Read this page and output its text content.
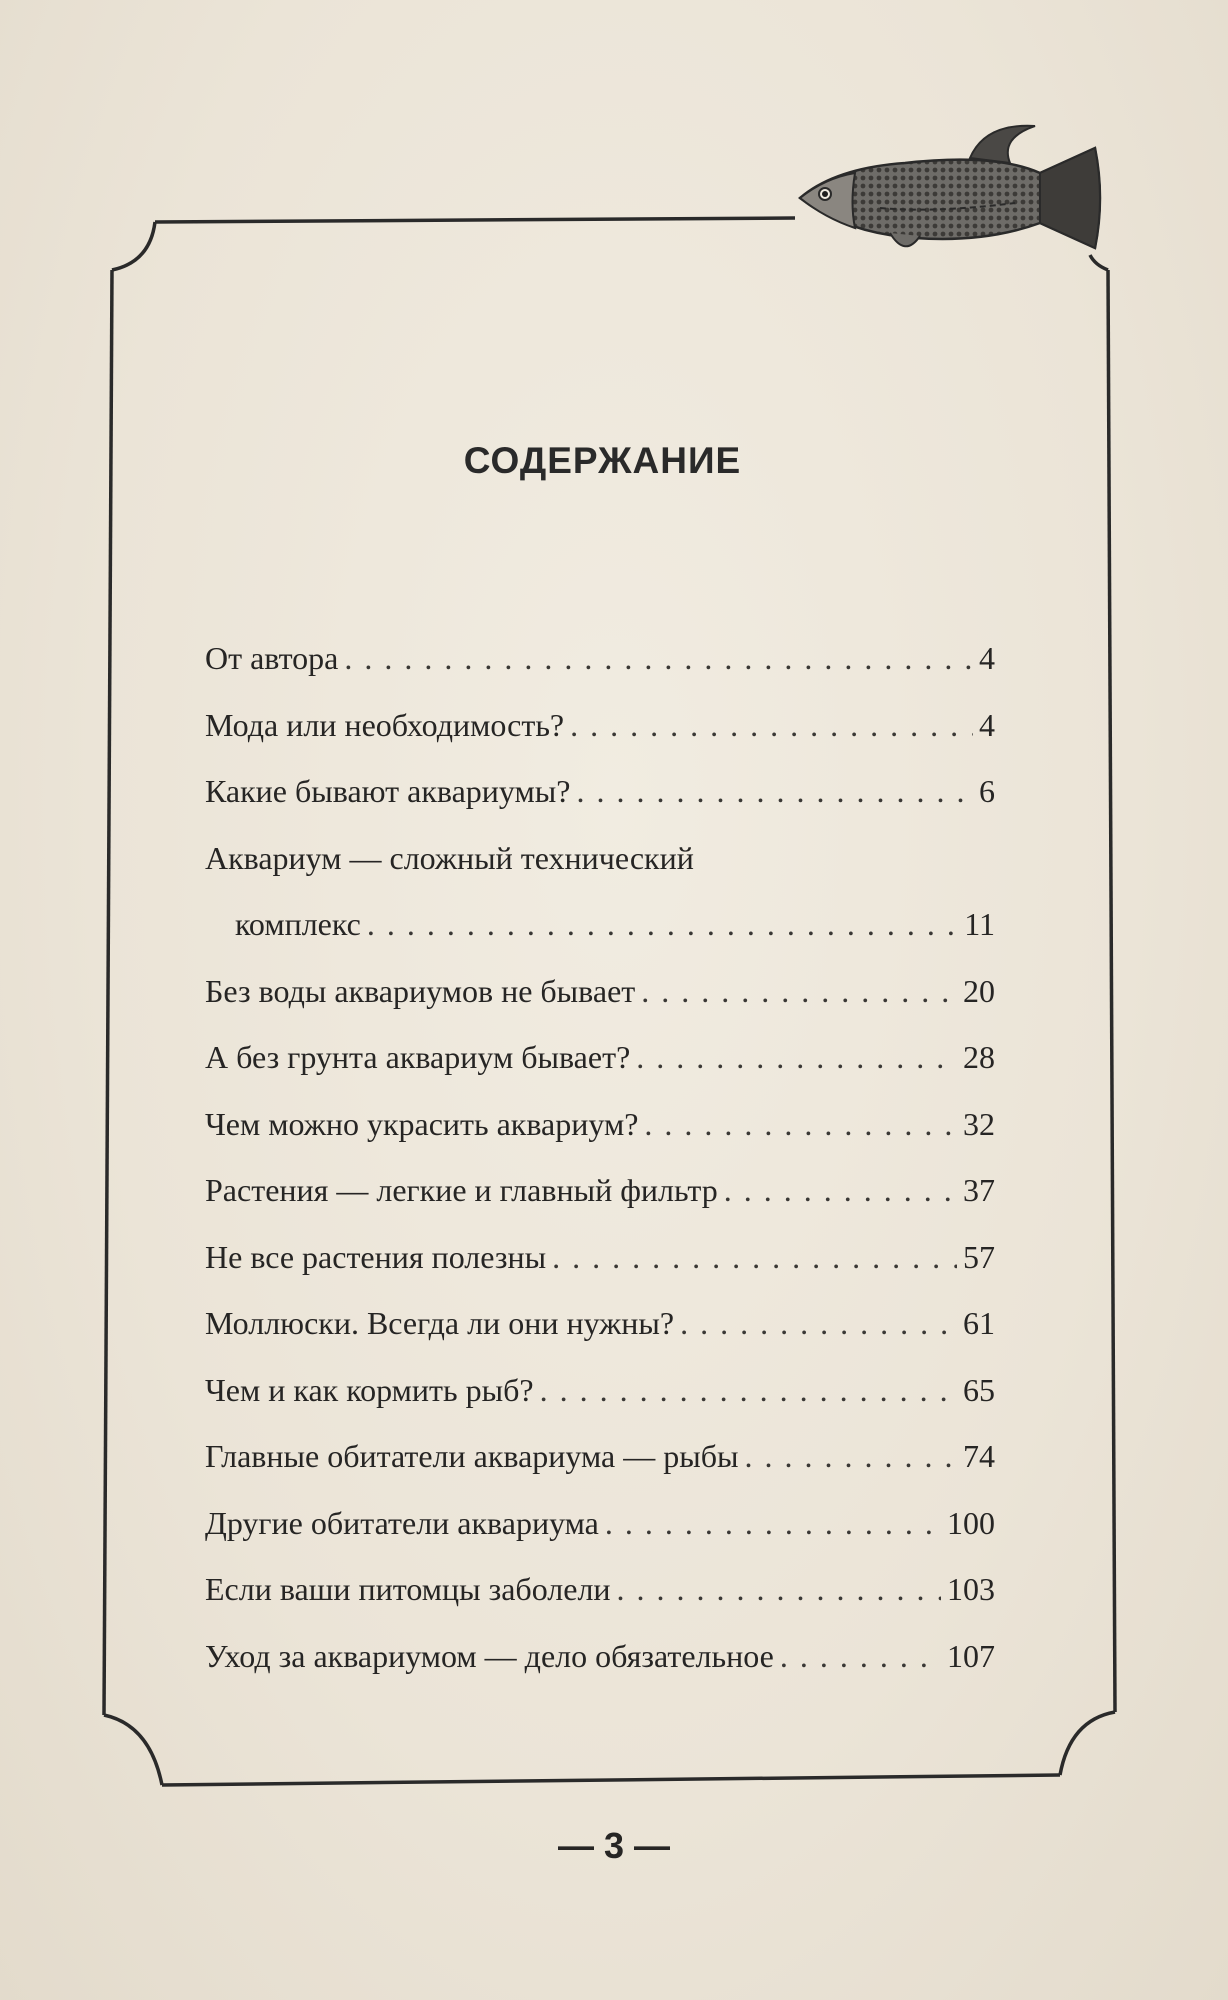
СОДЕРЖАНИЕ
От автора . . .	4
Мода или необходимость? . . .	4
Какие бывают аквариумы? . . .	6
Аквариум — сложный технический
комплекс . . .	11
Без воды аквариумов не бывает . . .	20
А без грунта аквариум бывает? . . .	28
Чем можно украсить аквариум? . . .	32
Растения — легкие и главный фильтр . . .	37
Не все растения полезны . . .	57
Моллюски. Всегда ли они нужны? . . .	61
Чем и как кормить рыб? . . .	65
Главные обитатели аквариума — рыбы . . .	74
Другие обитатели аквариума . . .	100
Если ваши питомцы заболели . . .	103
Уход за аквариумом — дело обязательное . . .	107
— 3 —
